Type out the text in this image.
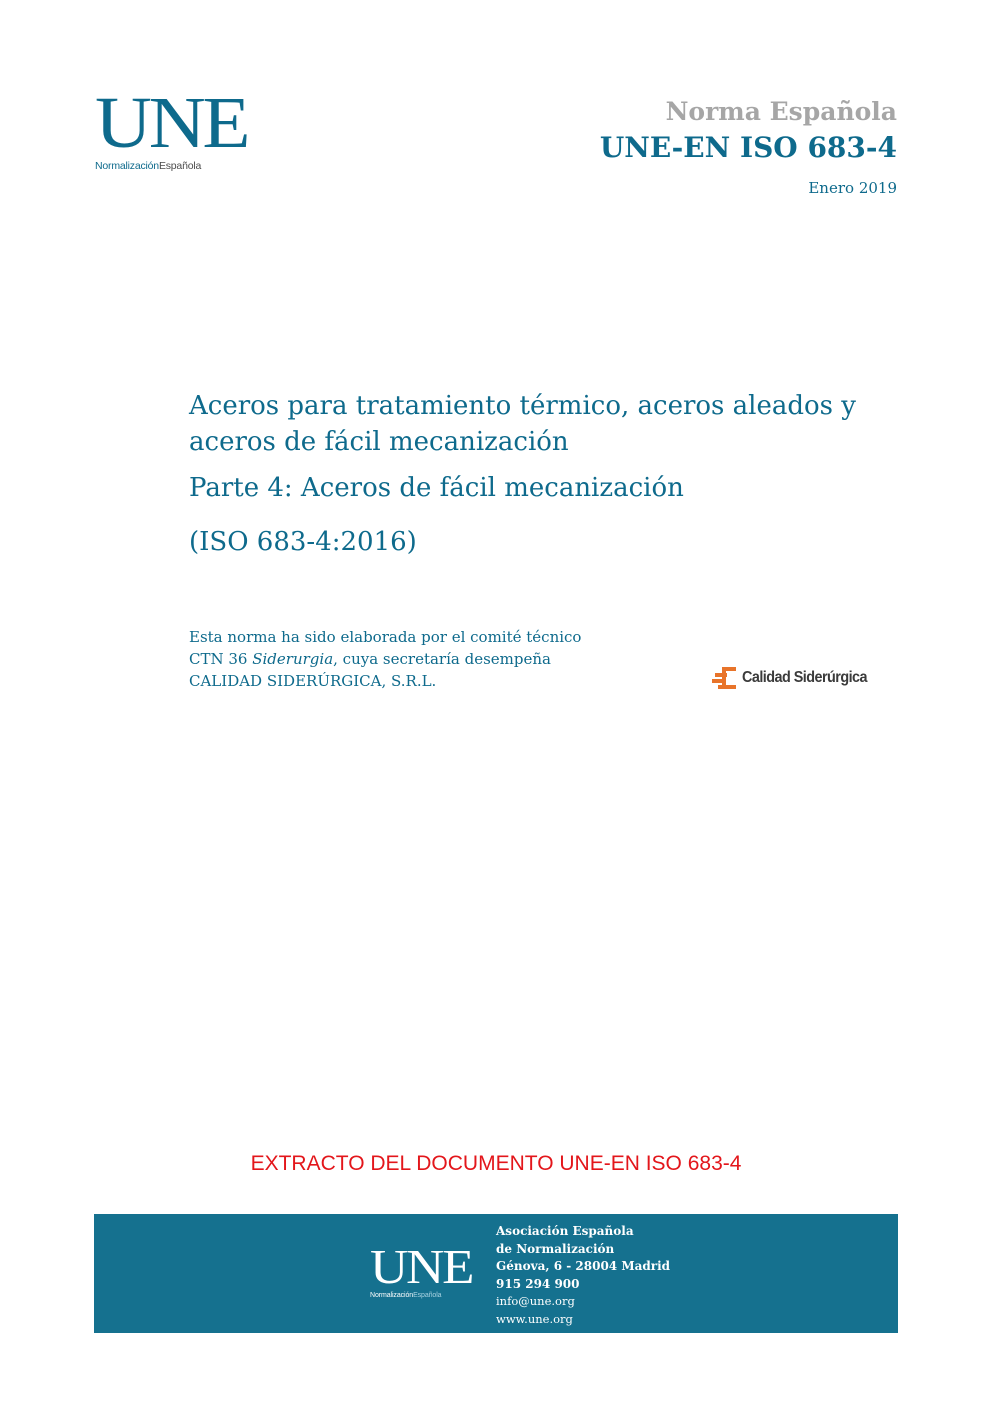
UNE
NormalizaciónEspañola
Norma Española
UNE-EN ISO 683-4
Enero 2019
Aceros para tratamiento térmico, aceros aleados y
aceros de fácil mecanización
Parte 4: Aceros de fácil mecanización
(ISO 683-4:2016)
Esta norma ha sido elaborada por el comité técnico
CTN 36 Siderurgia, cuya secretaría desempeña
CALIDAD SIDERÚRGICA, S.R.L.	Calidad Siderúrgica
EXTRACTO DEL DOCUMENTO UNE-EN ISO 683-4
UNE
NormalizaciónEspañola
Asociación Española
de Normalización
Génova, 6 - 28004 Madrid
915 294 900
info@une.org
www.une.org
